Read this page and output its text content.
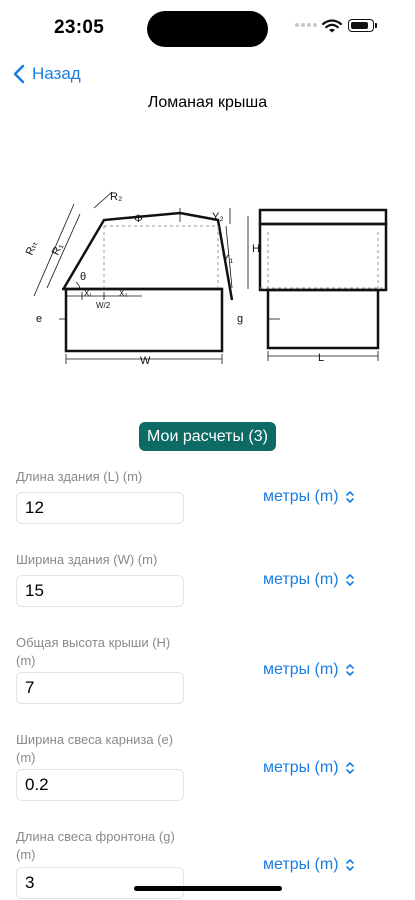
23:05
Назад
Ломаная крыша
Rₜₜ R₁
R₂
Φ
θ
Y₂
Y₁
H
X₁	X₂
W/2
e	g
W	L
Мои расчеты (3)
Длина здания (L) (m)
12
метры (m)
Ширина здания (W) (m)
15
метры (m)
Общая высота крыши (H) (m)
7
метры (m)
Ширина свеса карниза (e) (m)
0.2
метры (m)
Длина свеса фронтона (g) (m)
3
метры (m)
